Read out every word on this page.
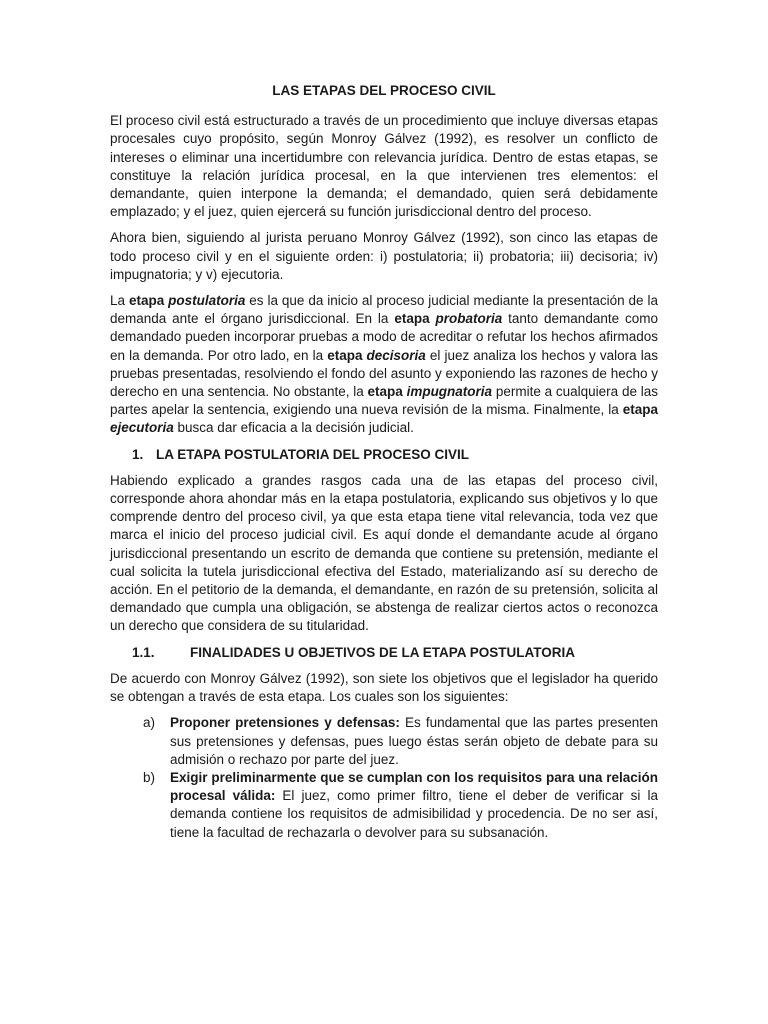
LAS ETAPAS DEL PROCESO CIVIL

El proceso civil está estructurado a través de un procedimiento que incluye diversas etapas procesales cuyo propósito, según Monroy Gálvez (1992), es resolver un conflicto de intereses o eliminar una incertidumbre con relevancia jurídica. Dentro de estas etapas, se constituye la relación jurídica procesal, en la que intervienen tres elementos: el demandante, quien interpone la demanda; el demandado, quien será debidamente emplazado; y el juez, quien ejercerá su función jurisdiccional dentro del proceso.

Ahora bien, siguiendo al jurista peruano Monroy Gálvez (1992), son cinco las etapas de todo proceso civil y en el siguiente orden: i) postulatoria; ii) probatoria; iii) decisoria; iv) impugnatoria; y v) ejecutoria.

La etapa postulatoria es la que da inicio al proceso judicial mediante la presentación de la demanda ante el órgano jurisdiccional. En la etapa probatoria tanto demandante como demandado pueden incorporar pruebas a modo de acreditar o refutar los hechos afirmados en la demanda. Por otro lado, en la etapa decisoria el juez analiza los hechos y valora las pruebas presentadas, resolviendo el fondo del asunto y exponiendo las razones de hecho y derecho en una sentencia. No obstante, la etapa impugnatoria permite a cualquiera de las partes apelar la sentencia, exigiendo una nueva revisión de la misma. Finalmente, la etapa ejecutoria busca dar eficacia a la decisión judicial.

1. LA ETAPA POSTULATORIA DEL PROCESO CIVIL

Habiendo explicado a grandes rasgos cada una de las etapas del proceso civil, corresponde ahora ahondar más en la etapa postulatoria, explicando sus objetivos y lo que comprende dentro del proceso civil, ya que esta etapa tiene vital relevancia, toda vez que marca el inicio del proceso judicial civil. Es aquí donde el demandante acude al órgano jurisdiccional presentando un escrito de demanda que contiene su pretensión, mediante el cual solicita la tutela jurisdiccional efectiva del Estado, materializando así su derecho de acción. En el petitorio de la demanda, el demandante, en razón de su pretensión, solicita al demandado que cumpla una obligación, se abstenga de realizar ciertos actos o reconozca un derecho que considera de su titularidad.

1.1.	FINALIDADES U OBJETIVOS DE LA ETAPA POSTULATORIA

De acuerdo con Monroy Gálvez (1992), son siete los objetivos que el legislador ha querido se obtengan a través de esta etapa. Los cuales son los siguientes:

a)	Proponer pretensiones y defensas: Es fundamental que las partes presenten sus pretensiones y defensas, pues luego éstas serán objeto de debate para su admisión o rechazo por parte del juez.
b)	Exigir preliminarmente que se cumplan con los requisitos para una relación procesal válida: El juez, como primer filtro, tiene el deber de verificar si la demanda contiene los requisitos de admisibilidad y procedencia. De no ser así, tiene la facultad de rechazarla o devolver para su subsanación.
